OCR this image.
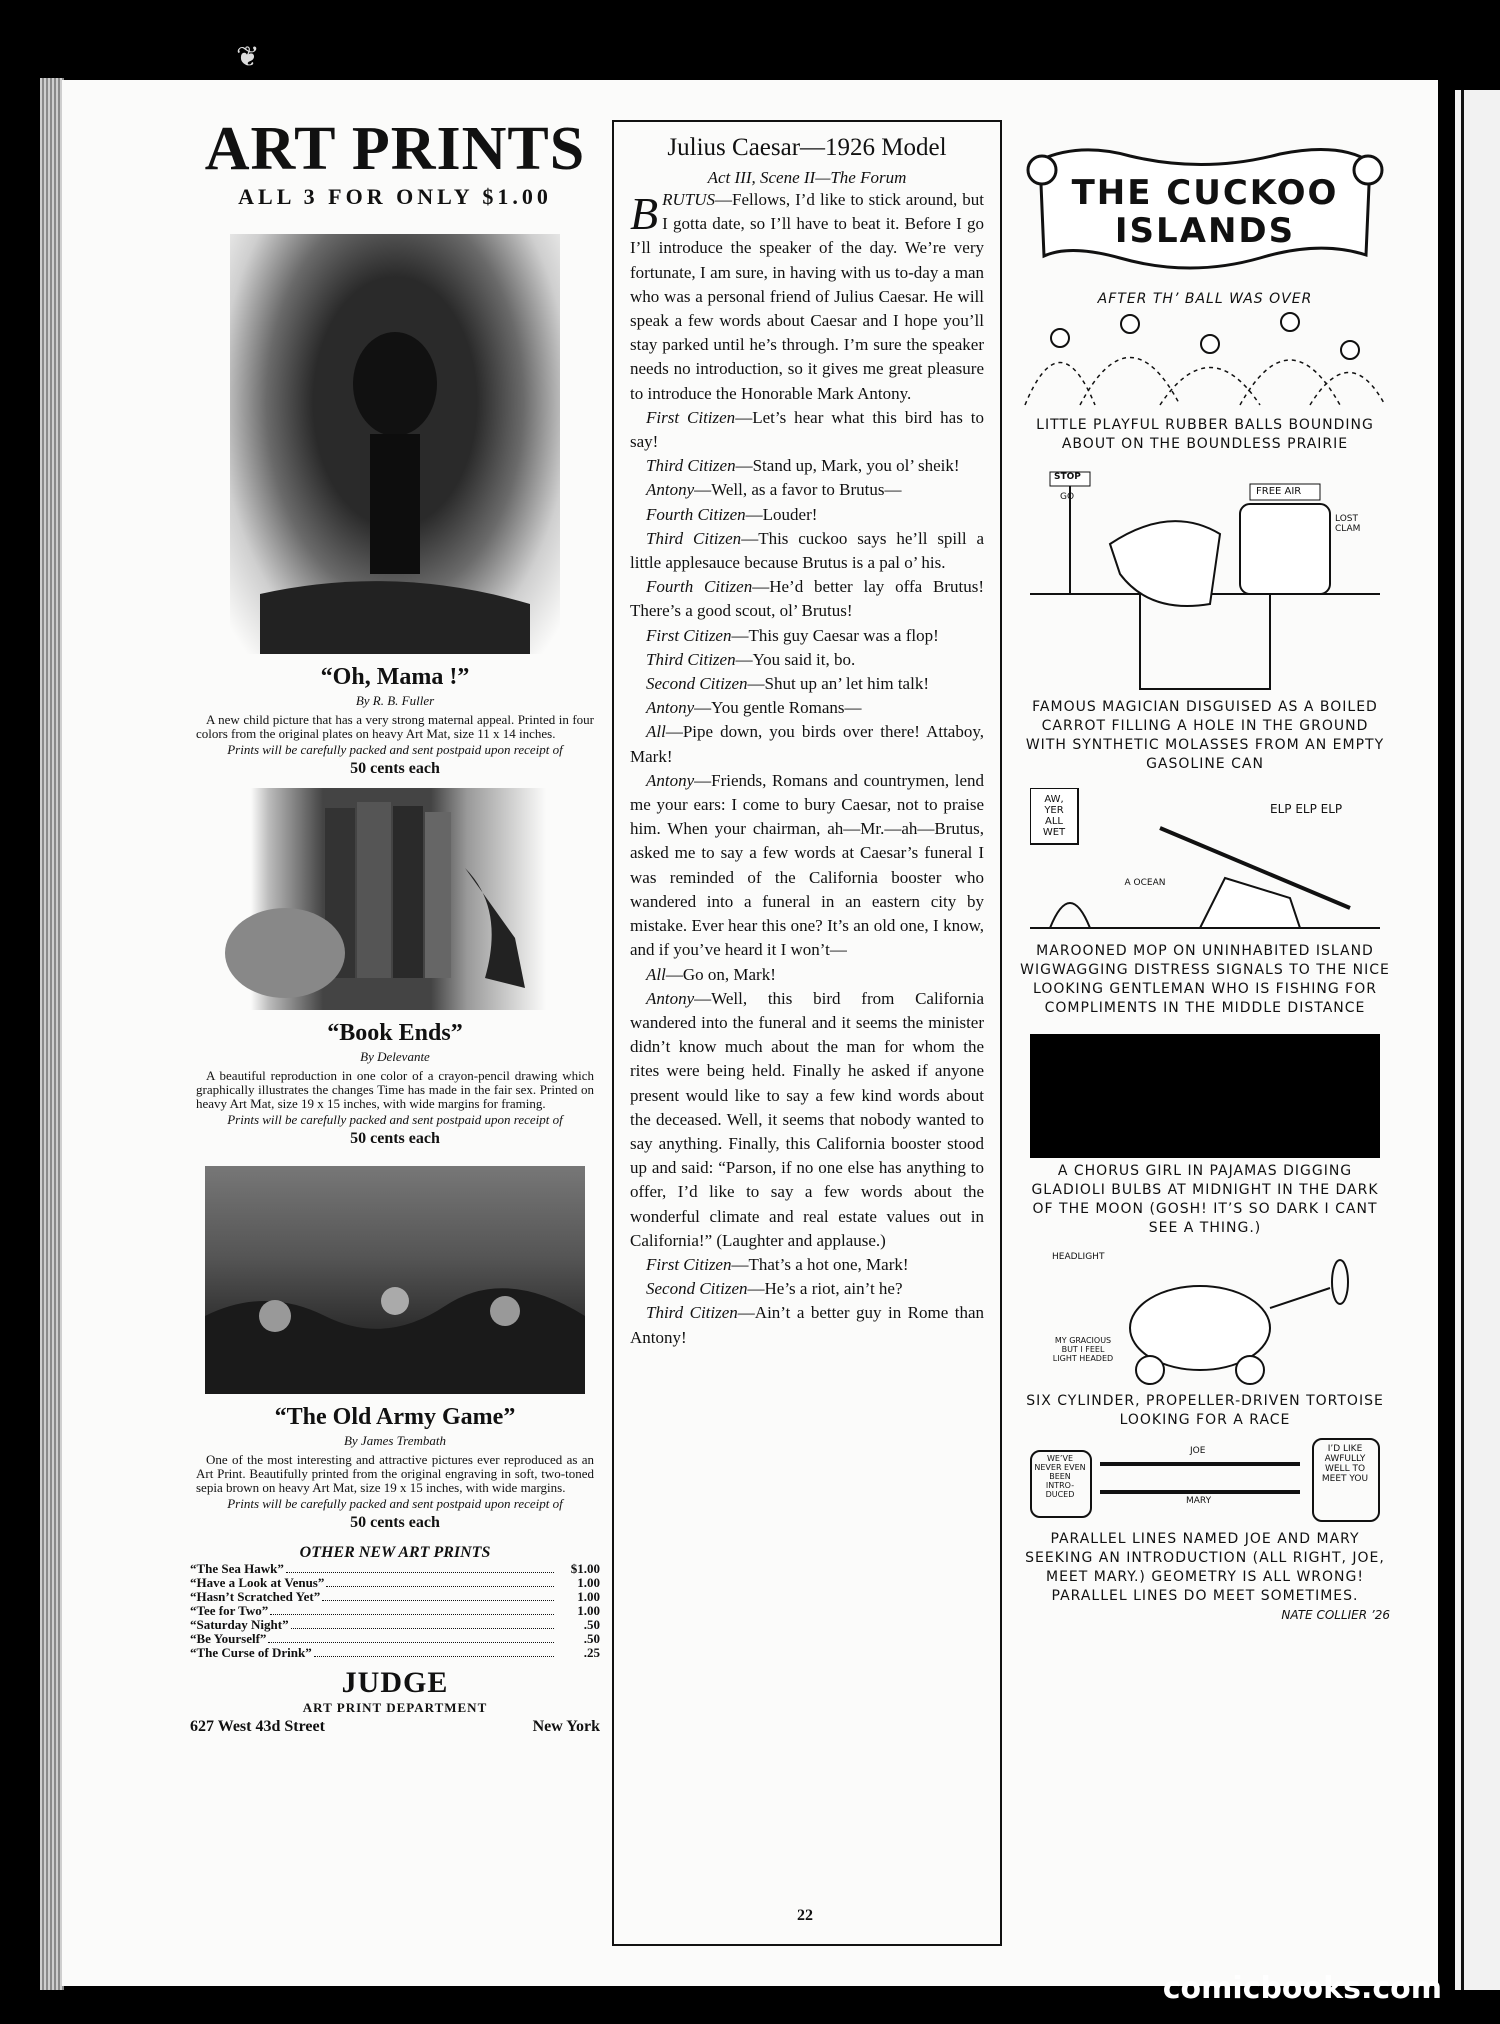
❦
ART PRINTS
ALL 3 FOR ONLY $1.00
“Oh, Mama !”
By R. B. Fuller
A new child picture that has a very strong maternal appeal. Printed in four colors from the original plates on heavy Art Mat, size 11 x 14 inches.
Prints will be carefully packed and sent postpaid upon receipt of
50 cents each
“Book Ends”
By Delevante
A beautiful reproduction in one color of a crayon-pencil drawing which graphically illustrates the changes Time has made in the fair sex. Printed on heavy Art Mat, size 19 x 15 inches, with wide margins for framing.
Prints will be carefully packed and sent postpaid upon receipt of
50 cents each
“The Old Army Game”
By James Trembath
One of the most interesting and attractive pictures ever reproduced as an Art Print. Beautifully printed from the original engraving in soft, two-toned sepia brown on heavy Art Mat, size 19 x 15 inches, with wide margins.
Prints will be carefully packed and sent postpaid upon receipt of
50 cents each
OTHER NEW ART PRINTS
“The Sea Hawk”	$1.00
“Have a Look at Venus”	1.00
“Hasn’t Scratched Yet”	1.00
“Tee for Two”	1.00
“Saturday Night”	.50
“Be Yourself”	.50
“The Curse of Drink”	.25
JUDGE
ART PRINT DEPARTMENT
627 West 43d Street	New York
Julius Caesar—1926 Model
Act III, Scene II—The Forum

BRUTUS—Fellows, I’d like to stick around, but I gotta date, so I’ll have to beat it. Before I go I’ll introduce the speaker of the day. We’re very fortunate, I am sure, in having with us to-day a man who was a personal friend of Julius Caesar. He will speak a few words about Caesar and I hope you’ll stay parked until he’s through. I’m sure the speaker needs no introduction, so it gives me great pleasure to introduce the Honorable Mark Antony.

First Citizen—Let’s hear what this bird has to say!

Third Citizen—Stand up, Mark, you ol’ sheik!

Antony—Well, as a favor to Brutus—

Fourth Citizen—Louder!

Third Citizen—This cuckoo says he’ll spill a little applesauce because Brutus is a pal o’ his.

Fourth Citizen—He’d better lay offa Brutus! There’s a good scout, ol’ Brutus!

First Citizen—This guy Caesar was a flop!

Third Citizen—You said it, bo.

Second Citizen—Shut up an’ let him talk!

Antony—You gentle Romans—

All—Pipe down, you birds over there! Attaboy, Mark!

Antony—Friends, Romans and countrymen, lend me your ears: I come to bury Caesar, not to praise him. When your chairman, ah—Mr.—ah—Brutus, asked me to say a few words at Caesar’s funeral I was reminded of the California booster who wandered into a funeral in an eastern city by mistake. Ever hear this one? It’s an old one, I know, and if you’ve heard it I won’t—

All—Go on, Mark!

Antony—Well, this bird from California wandered into the funeral and it seems the minister didn’t know much about the man for whom the rites were being held. Finally he asked if anyone present would like to say a few kind words about the deceased. Well, it seems that nobody wanted to say anything. Finally, this California booster stood up and said: “Parson, if no one else has anything to offer, I’d like to say a few words about the wonderful climate and real estate values out in California!” (Laughter and applause.)

First Citizen—That’s a hot one, Mark!

Second Citizen—He’s a riot, ain’t he?

Third Citizen—Ain’t a better guy in Rome than Antony!

THE CUCKOO ISLANDS
AFTER TH’ BALL WAS OVER
LITTLE PLAYFUL RUBBER BALLS BOUNDING ABOUT ON THE BOUNDLESS PRAIRIE
STOP
GO	FREE AIR
LOST CLAM
FAMOUS MAGICIAN DISGUISED AS A BOILED CARROT FILLING A HOLE IN THE GROUND WITH SYNTHETIC MOLASSES FROM AN EMPTY GASOLINE CAN
AW, YER ALL WET
ELP ELP ELP
A OCEAN
MAROONED MOP ON UNINHABITED ISLAND WIGWAGGING DISTRESS SIGNALS TO THE NICE LOOKING GENTLEMAN WHO IS FISHING FOR COMPLIMENTS IN THE MIDDLE DISTANCE
A CHORUS GIRL IN PAJAMAS DIGGING GLADIOLI BULBS AT MIDNIGHT IN THE DARK OF THE MOON (GOSH! IT’S SO DARK I CANT SEE A THING.)
HEADLIGHT
MY GRACIOUS BUT I FEEL LIGHT HEADED
SIX CYLINDER, PROPELLER-DRIVEN TORTOISE LOOKING FOR A RACE
WE’VE NEVER EVEN BEEN INTRO-DUCED
JOE
MARY
I’D LIKE AWFULLY WELL TO MEET YOU
PARALLEL LINES NAMED JOE AND MARY SEEKING AN INTRODUCTION (ALL RIGHT, JOE, MEET MARY.) GEOMETRY IS ALL WRONG! PARALLEL LINES DO MEET SOMETIMES.
NATE COLLIER ’26
22
comicbooks.com
